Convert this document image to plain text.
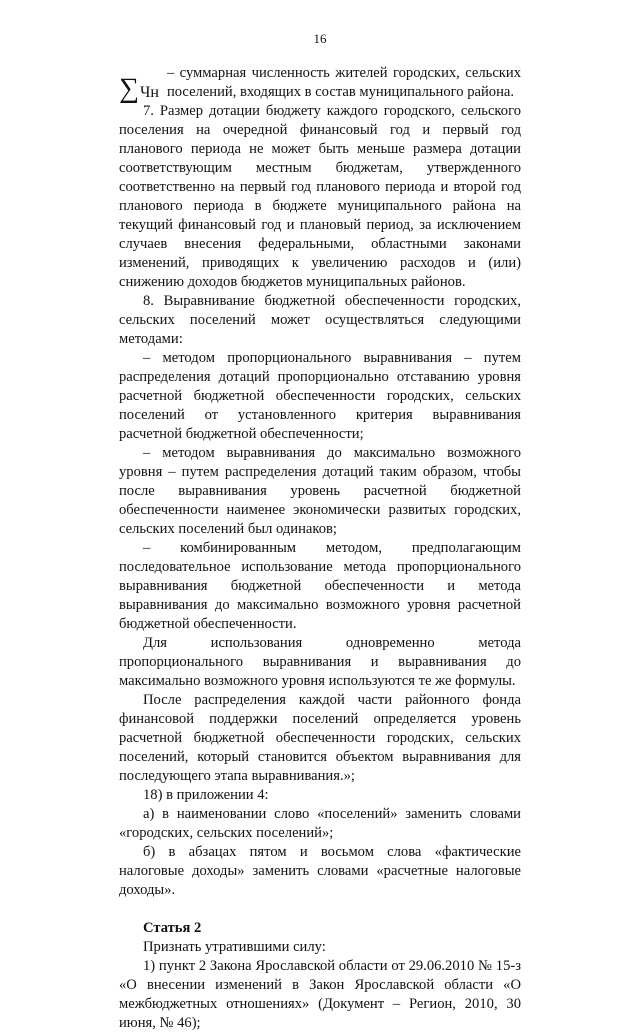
16
∑ Чн

– суммарная численность жителей городских, сельских поселений, входящих в состав муниципального района.

7. Размер дотации бюджету каждого городского, сельского поселения на очередной финансовый год и первый год планового периода не может быть меньше размера дотации соответствующим местным бюджетам, утвержденного соответственно на первый год планового периода и второй год планового периода в бюджете муниципального района на текущий финансовый год и плановый период, за исключением случаев внесения федеральными, областными законами изменений, приводящих к увеличению расходов и (или) снижению доходов бюджетов муниципальных районов.

8. Выравнивание бюджетной обеспеченности городских, сельских поселений может осуществляться следующими методами:

– методом пропорционального выравнивания – путем распределения дотаций пропорционально отставанию уровня расчетной бюджетной обеспеченности городских, сельских поселений от установленного критерия выравнивания расчетной бюджетной обеспеченности;

– методом выравнивания до максимально возможного уровня – путем распределения дотаций таким образом, чтобы после выравнивания уровень расчетной бюджетной обеспеченности наименее экономически развитых городских, сельских поселений был одинаков;

– комбинированным методом, предполагающим последовательное использование метода пропорционального выравнивания бюджетной обеспеченности и метода выравнивания до максимально возможного уровня расчетной бюджетной обеспеченности.

Для использования одновременно метода пропорционального выравнивания и выравнивания до максимально возможного уровня используются те же формулы.

После распределения каждой части районного фонда финансовой поддержки поселений определяется уровень расчетной бюджетной обеспеченности городских, сельских поселений, который становится объектом выравнивания для последующего этапа выравнивания.»;

18) в приложении 4:

а) в наименовании слово «поселений» заменить словами «городских, сельских поселений»;

б) в абзацах пятом и восьмом слова «фактические налоговые доходы» заменить словами «расчетные налоговые доходы».

Статья 2

Признать утратившими силу:

1) пункт 2 Закона Ярославской области от 29.06.2010 № 15-з «О внесении изменений в Закон Ярославской области «О межбюджетных отношениях» (Документ – Регион, 2010, 30 июня, № 46);
